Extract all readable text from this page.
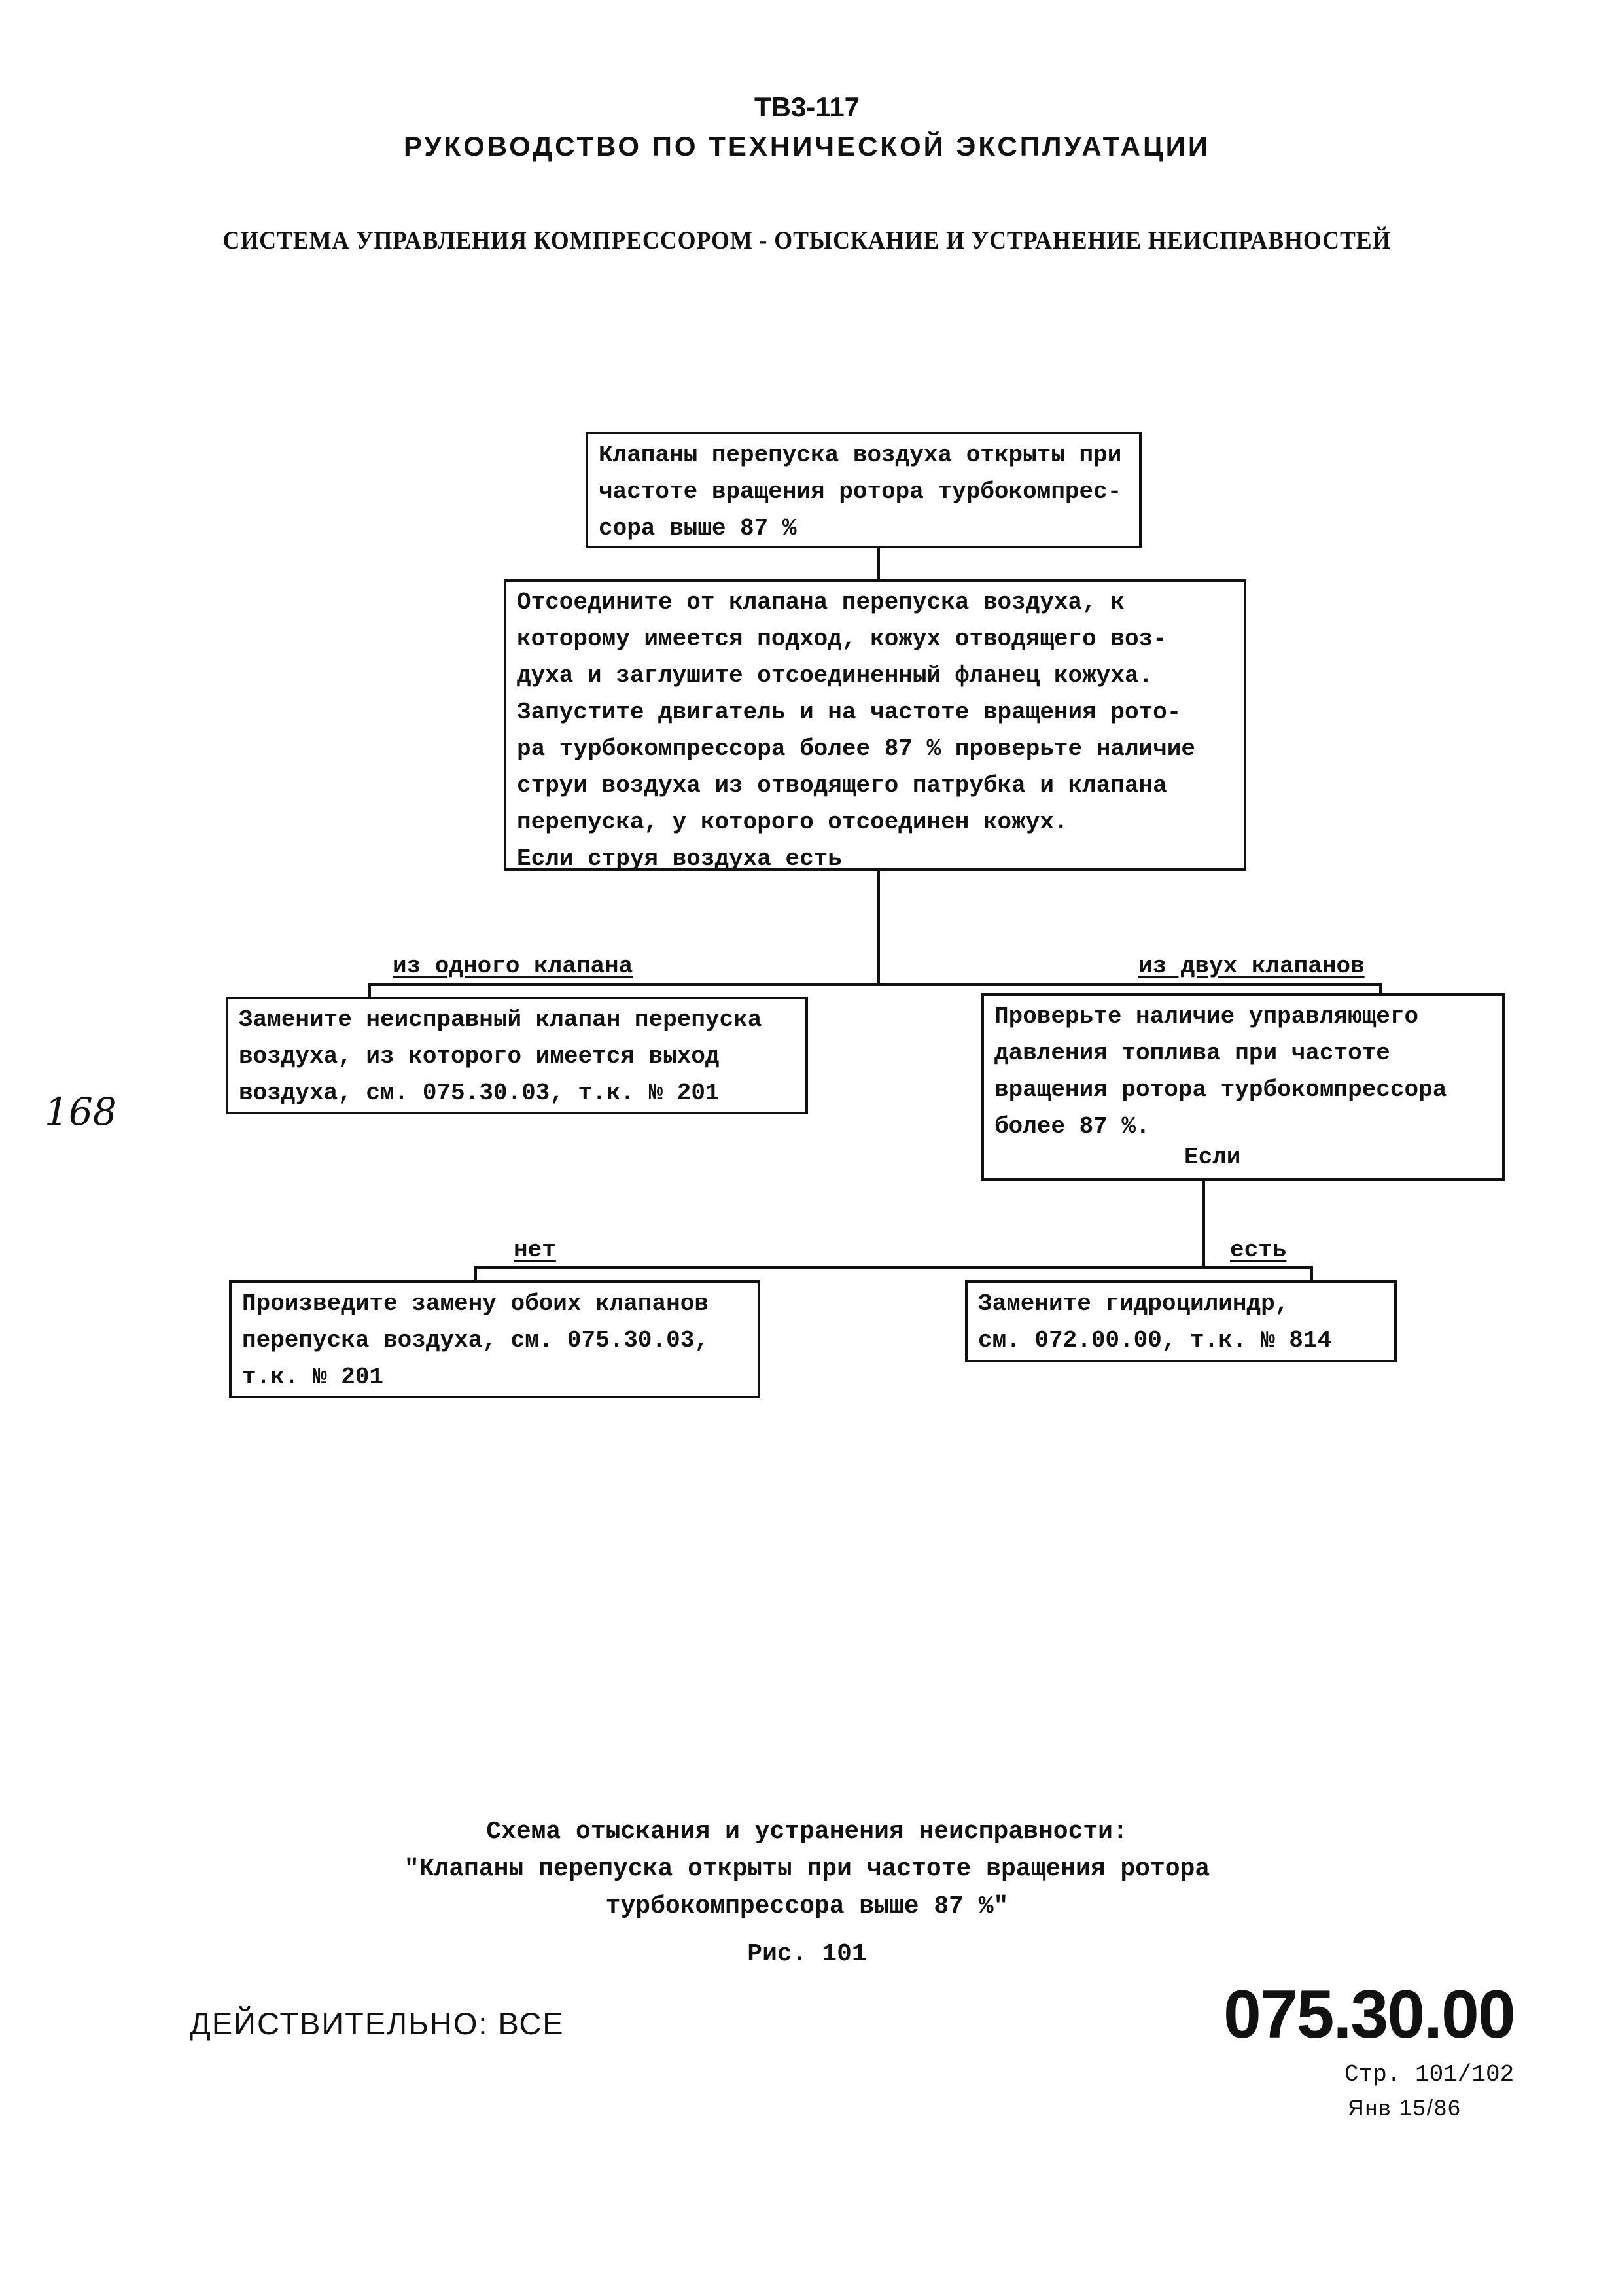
ТВ3-117
РУКОВОДСТВО ПО ТЕХНИЧЕСКОЙ ЭКСПЛУАТАЦИИ
СИСТЕМА УПРАВЛЕНИЯ КОМПРЕССОРОМ - ОТЫСКАНИЕ И УСТРАНЕНИЕ НЕИСПРАВНОСТЕЙ
168
Клапаны перепуска воздуха открыты при
частоте вращения ротора турбокомпрес-
сора выше 87 %
Отсоедините от клапана перепуска воздуха, к
которому имеется подход, кожух отводящего воз-
духа и заглушите отсоединенный фланец кожуха.
Запустите двигатель и на частоте вращения рото-
ра турбокомпрессора более 87 % проверьте наличие
струи воздуха из отводящего патрубка и клапана
перепуска, у которого отсоединен кожух.
Если струя воздуха есть
из одного клапана	из двух клапанов
Замените неисправный клапан перепуска
воздуха, из которого имеется выход
воздуха, см. 075.30.03, т.к. № 201
Проверьте наличие управляющего
давления топлива при частоте
вращения ротора турбокомпрессора
более 87 %.
Если
нет	есть
Произведите замену обоих клапанов
перепуска воздуха, см. 075.30.03,
т.к. № 201
Замените гидроцилиндр,
см. 072.00.00, т.к. № 814
Схема отыскания и устранения неисправности:
"Клапаны перепуска открыты при частоте вращения ротора
турбокомпрессора выше 87 %"
Рис. 101
ДЕЙСТВИТЕЛЬНО: ВСЕ	075.30.00
Стр. 101/102
Янв 15/86
